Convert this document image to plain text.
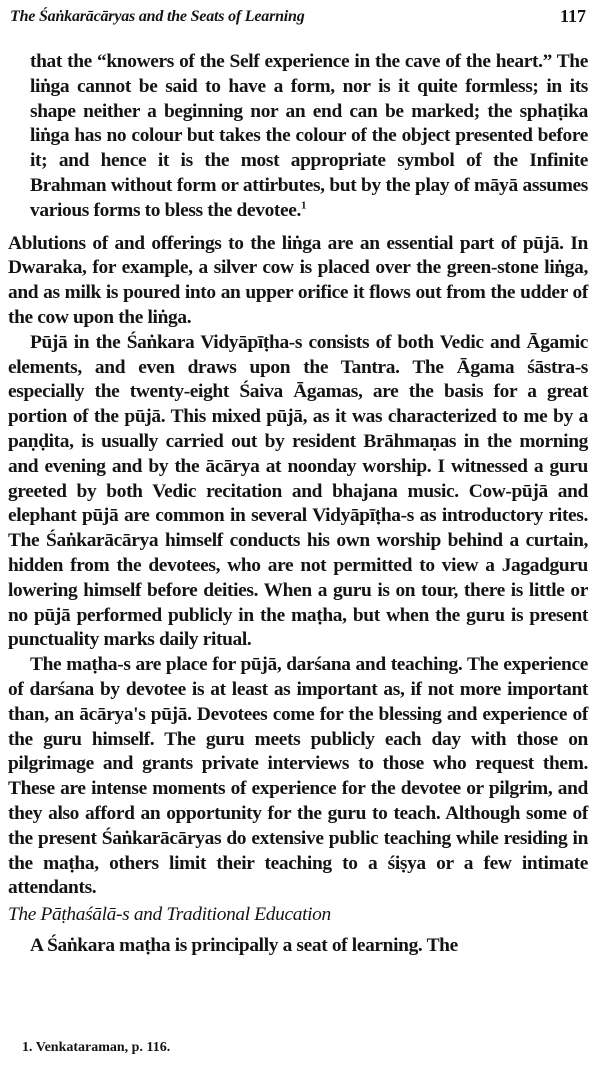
The Śaṅkarācāryas and the Seats of Learning	117

that the “knowers of the Self experience in the cave of the heart.” The liṅga cannot be said to have a form, nor is it quite formless; in its shape neither a beginning nor an end can be marked; the sphaṭika liṅga has no colour but takes the colour of the object presented before it; and hence it is the most appropriate symbol of the Infinite Brahman without form or attirbutes, but by the play of māyā assumes various forms to bless the devotee.$^1$

Ablutions of and offerings to the liṅga are an essential part of pūjā. In Dwaraka, for example, a silver cow is placed over the green-stone liṅga, and as milk is poured into an upper orifice it flows out from the udder of the cow upon the liṅga.

Pūjā in the Śaṅkara Vidyāpīṭha-s consists of both Vedic and Āgamic elements, and even draws upon the Tantra. The Āgama śāstra-s especially the twenty-eight Śaiva Āgamas, are the basis for a great portion of the pūjā. This mixed pūjā, as it was characterized to me by a paṇḍita, is usually carried out by resident Brāhmaṇas in the morning and evening and by the ācārya at noonday worship. I witnessed a guru greeted by both Vedic recitation and bhajana music. Cow-pūjā and elephant pūjā are common in several Vidyāpīṭha-s as introductory rites. The Śaṅkarācārya himself conducts his own worship behind a curtain, hidden from the devotees, who are not permitted to view a Jagadguru lowering himself before deities. When a guru is on tour, there is little or no pūjā performed publicly in the maṭha, but when the guru is present punctuality marks daily ritual.

The maṭha-s are place for pūjā, darśana and teaching. The experience of darśana by devotee is at least as important as, if not more important than, an ācārya's pūjā. Devotees come for the blessing and experience of the guru himself. The guru meets publicly each day with those on pilgrimage and grants private interviews to those who request them. These are intense moments of experience for the devotee or pilgrim, and they also afford an opportunity for the guru to teach. Although some of the present Śaṅkarācāryas do extensive public teaching while residing in the maṭha, others limit their teaching to a śiṣya or a few intimate attendants.

The Pāṭhaśālā-s and Traditional Education

A Śaṅkara maṭha is principally a seat of learning. The

1. Venkataraman, p. 116.
